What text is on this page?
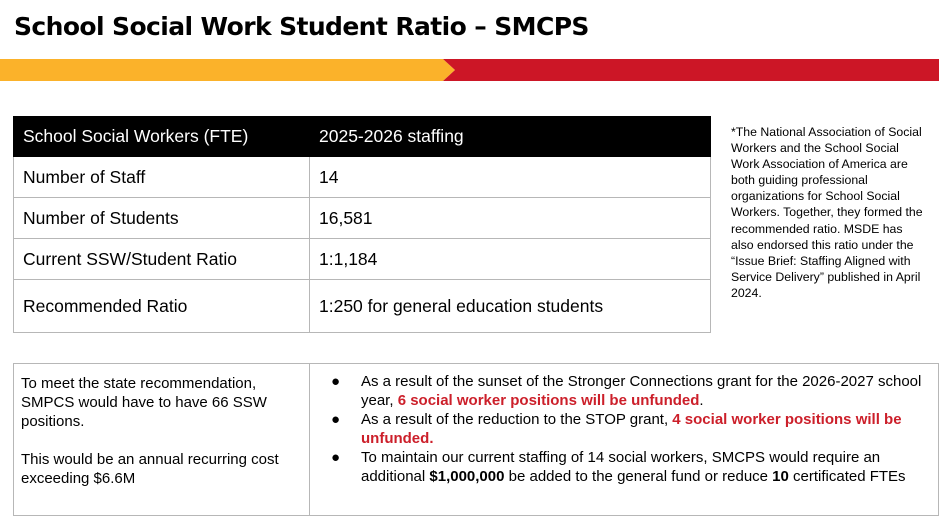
School Social Work Student Ratio – SMCPS
School Social Workers (FTE)	2025-2026 staffing
Number of Staff	14
Number of Students	16,581
Current SSW/Student Ratio	1:1,184
Recommended Ratio	1:250 for general education students
*The National Association of Social Workers and the School Social Work Association of America are both guiding professional organizations for School Social Workers. Together, they formed the recommended ratio. MSDE has also endorsed this ratio under the “Issue Brief: Staffing Aligned with Service Delivery” published in April 2024.

To meet the state recommendation, SMPCS would have to have 66 SSW positions.

This would be an annual recurring cost exceeding $6.6M

● As a result of the sunset of the Stronger Connections grant for the 2026-2027 school year, 6 social worker positions will be unfunded.
● As a result of the reduction to the STOP grant, 4 social worker positions will be unfunded.
● To maintain our current staffing of 14 social workers, SMCPS would require an additional $1,000,000 be added to the general fund or reduce 10 certificated FTEs
